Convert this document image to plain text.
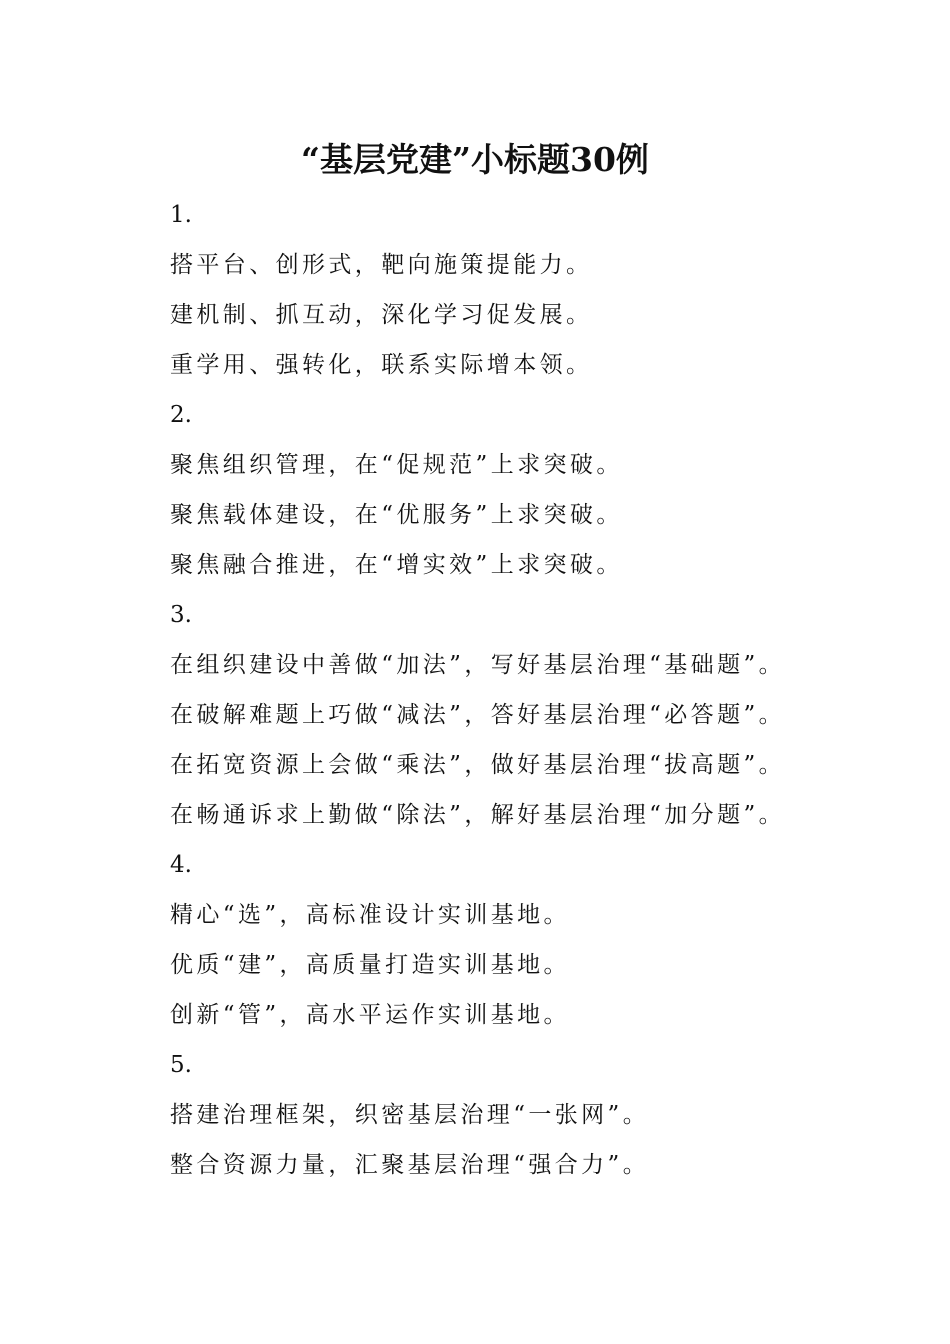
“基层党建”小标题30例
1.
搭平台、创形式，靶向施策提能力。
建机制、抓互动，深化学习促发展。
重学用、强转化，联系实际增本领。
2.
聚焦组织管理，在“促规范”上求突破。
聚焦载体建设，在“优服务”上求突破。
聚焦融合推进，在“增实效”上求突破。
3.
在组织建设中善做“加法”，写好基层治理“基础题”。
在破解难题上巧做“减法”，答好基层治理“必答题”。
在拓宽资源上会做“乘法”，做好基层治理“拔高题”。
在畅通诉求上勤做“除法”，解好基层治理“加分题”。
4.
精心“选”，高标准设计实训基地。
优质“建”，高质量打造实训基地。
创新“管”，高水平运作实训基地。
5.
搭建治理框架，织密基层治理“一张网”。
整合资源力量，汇聚基层治理“强合力”。
